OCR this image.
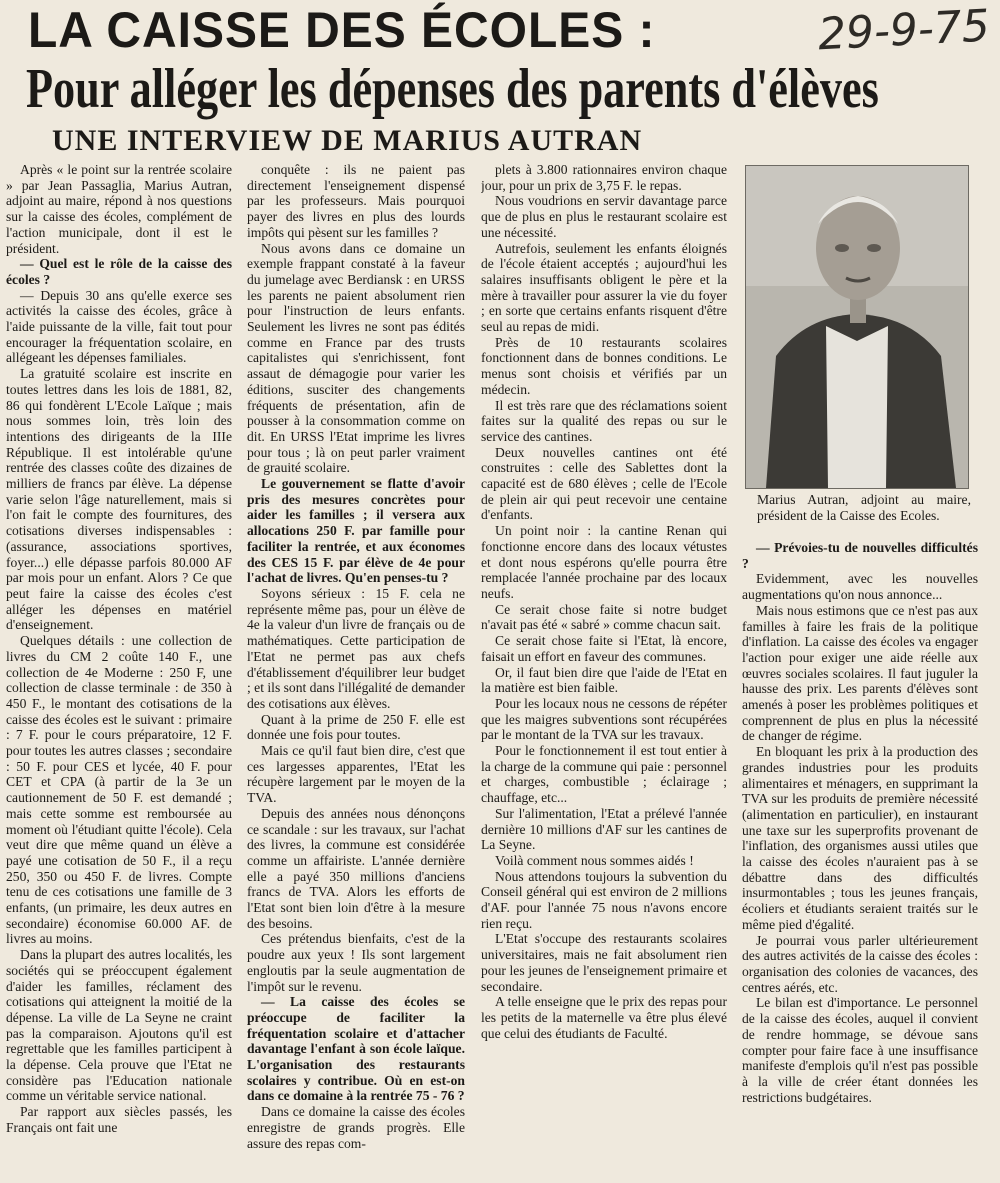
LA CAISSE DES ÉCOLES :	29-9-75
Pour alléger les dépenses des parents d'élèves
UNE INTERVIEW DE MARIUS AUTRAN

Après « le point sur la rentrée scolaire » par Jean Passaglia, Marius Autran, adjoint au maire, répond à nos questions sur la caisse des écoles, complément de l'action municipale, dont il est le président.

— Quel est le rôle de la caisse des écoles ?

— Depuis 30 ans qu'elle exerce ses activités la caisse des écoles, grâce à l'aide puissante de la ville, fait tout pour encourager la fréquentation scolaire, en allégeant les dépenses familiales.

La gratuité scolaire est inscrite en toutes lettres dans les lois de 1881, 82, 86 qui fondèrent L'Ecole Laïque ; mais nous sommes loin, très loin des intentions des dirigeants de la IIIe République. Il est intolérable qu'une rentrée des classes coûte des dizaines de milliers de francs par élève. La dépense varie selon l'âge naturellement, mais si l'on fait le compte des fournitures, des cotisations diverses indispensables : (assurance, associations sportives, foyer...) elle dépasse parfois 80.000 AF par mois pour un enfant. Alors ? Ce que peut faire la caisse des écoles c'est alléger les dépenses en matériel d'enseignement.

Quelques détails : une collection de livres du CM 2 coûte 140 F., une collection de 4e Moderne : 250 F, une collection de classe terminale : de 350 à 450 F., le montant des cotisations de la caisse des écoles est le suivant : primaire : 7 F. pour le cours préparatoire, 12 F. pour toutes les autres classes ; secondaire : 50 F. pour CES et lycée, 40 F. pour CET et CPA (à partir de la 3e un cautionnement de 50 F. est demandé ; mais cette somme est remboursée au moment où l'étudiant quitte l'école). Cela veut dire que même quand un élève a payé une cotisation de 50 F., il a reçu 250, 350 ou 450 F. de livres. Compte tenu de ces cotisations une famille de 3 enfants, (un primaire, les deux autres en secondaire) économise 60.000 AF. de livres au moins.

Dans la plupart des autres localités, les sociétés qui se préoccupent également d'aider les familles, réclament des cotisations qui atteignent la moitié de la dépense. La ville de La Seyne ne craint pas la comparaison. Ajoutons qu'il est regrettable que les familles participent à la dépense. Cela prouve que l'Etat ne considère pas l'Education nationale comme un véritable service national.

Par rapport aux siècles passés, les Français ont fait une

conquête : ils ne paient pas directement l'enseignement dispensé par les professeurs. Mais pourquoi payer des livres en plus des lourds impôts qui pèsent sur les familles ?

Nous avons dans ce domaine un exemple frappant constaté à la faveur du jumelage avec Berdiansk : en URSS les parents ne paient absolument rien pour l'instruction de leurs enfants. Seulement les livres ne sont pas édités comme en France par des trusts capitalistes qui s'enrichissent, font assaut de démagogie pour varier les éditions, susciter des changements fréquents de présentation, afin de pousser à la consommation comme on dit. En URSS l'Etat imprime les livres pour tous ; là on peut parler vraiment de grauité scolaire.

Le gouvernement se flatte d'avoir pris des mesures concrètes pour aider les familles ; il versera aux allocations 250 F. par famille pour faciliter la rentrée, et aux économes des CES 15 F. par élève de 4e pour l'achat de livres. Qu'en penses-tu ?

Soyons sérieux : 15 F. cela ne représente même pas, pour un élève de 4e la valeur d'un livre de français ou de mathématiques. Cette participation de l'Etat ne permet pas aux chefs d'établissement d'équilibrer leur budget ; et ils sont dans l'illégalité de demander des cotisations aux élèves.

Quant à la prime de 250 F. elle est donnée une fois pour toutes.

Mais ce qu'il faut bien dire, c'est que ces largesses apparentes, l'Etat les récupère largement par le moyen de la TVA.

Depuis des années nous dénonçons ce scandale : sur les travaux, sur l'achat des livres, la commune est considérée comme un affairiste. L'année dernière elle a payé 350 millions d'anciens francs de TVA. Alors les efforts de l'Etat sont bien loin d'être à la mesure des besoins.

Ces prétendus bienfaits, c'est de la poudre aux yeux ! Ils sont largement engloutis par la seule augmentation de l'impôt sur le revenu.

— La caisse des écoles se préoccupe de faciliter la fréquentation scolaire et d'attacher davantage l'enfant à son école laïque. L'organisation des restaurants scolaires y contribue. Où en est-on dans ce domaine à la rentrée 75 - 76 ?

Dans ce domaine la caisse des écoles enregistre de grands progrès. Elle assure des repas com-

plets à 3.800 rationnaires environ chaque jour, pour un prix de 3,75 F. le repas.

Nous voudrions en servir davantage parce que de plus en plus le restaurant scolaire est une nécessité.

Autrefois, seulement les enfants éloignés de l'école étaient acceptés ; aujourd'hui les salaires insuffisants obligent le père et la mère à travailler pour assurer la vie du foyer ; en sorte que certains enfants risquent d'être seul au repas de midi.

Près de 10 restaurants scolaires fonctionnent dans de bonnes conditions. Le menus sont choisis et vérifiés par un médecin.

Il est très rare que des réclamations soient faites sur la qualité des repas ou sur le service des cantines.

Deux nouvelles cantines ont été construites : celle des Sablettes dont la capacité est de 680 élèves ; celle de l'Ecole de plein air qui peut recevoir une centaine d'enfants.

Un point noir : la cantine Renan qui fonctionne encore dans des locaux vétustes et dont nous espérons qu'elle pourra être remplacée l'année prochaine par des locaux neufs.

Ce serait chose faite si notre budget n'avait pas été « sabré » comme chacun sait.

Ce serait chose faite si l'Etat, là encore, faisait un effort en faveur des communes.

Or, il faut bien dire que l'aide de l'Etat en la matière est bien faible.

Pour les locaux nous ne cessons de répéter que les maigres subventions sont récupérées par le montant de la TVA sur les travaux.

Pour le fonctionnement il est tout entier à la charge de la commune qui paie : personnel et charges, combustible ; éclairage ; chauffage, etc...

Sur l'alimentation, l'Etat a prélevé l'année dernière 10 millions d'AF sur les cantines de La Seyne.

Voilà comment nous sommes aidés !

Nous attendons toujours la subvention du Conseil général qui est environ de 2 millions d'AF. pour l'année 75 nous n'avons encore rien reçu.

L'Etat s'occupe des restaurants scolaires universitaires, mais ne fait absolument rien pour les jeunes de l'enseignement primaire et secondaire.

A telle enseigne que le prix des repas pour les petits de la maternelle va être plus élevé que celui des étudiants de Faculté.

Marius Autran, adjoint au maire, président de la Caisse des Ecoles.

— Prévoies-tu de nouvelles difficultés ?

Evidemment, avec les nouvelles augmentations qu'on nous annonce...

Mais nous estimons que ce n'est pas aux familles à faire les frais de la politique d'inflation. La caisse des écoles va engager l'action pour exiger une aide réelle aux œuvres sociales scolaires. Il faut juguler la hausse des prix. Les parents d'élèves sont amenés à poser les problèmes politiques et comprennent de plus en plus la nécessité de changer de régime.

En bloquant les prix à la production des grandes industries pour les produits alimentaires et ménagers, en supprimant la TVA sur les produits de première nécessité (alimentation en particulier), en instaurant une taxe sur les superprofits provenant de l'inflation, des organismes aussi utiles que la caisse des écoles n'auraient pas à se débattre dans des difficultés insurmontables ; tous les jeunes français, écoliers et étudiants seraient traités sur le même pied d'égalité.

Je pourrai vous parler ultérieurement des autres activités de la caisse des écoles : organisation des colonies de vacances, des centres aérés, etc.

Le bilan est d'importance. Le personnel de la caisse des écoles, auquel il convient de rendre hommage, se dévoue sans compter pour faire face à une insuffisance manifeste d'emplois qu'il n'est pas possible à la ville de créer étant données les restrictions budgétaires.
